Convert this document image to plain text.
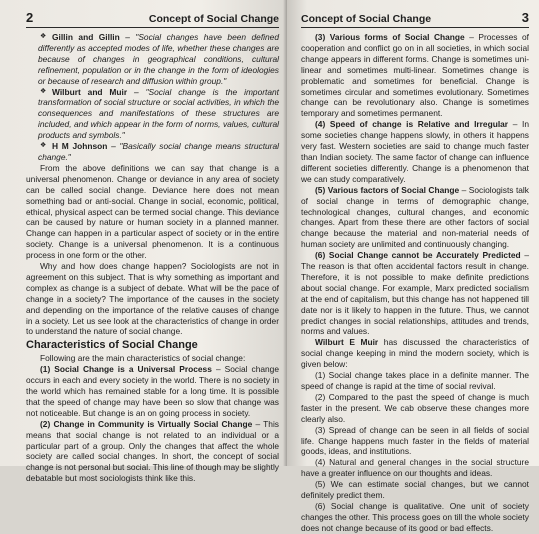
2	Concept of Social Change

❖ Gillin and Gillin – "Social changes have been defined differently as accepted modes of life, whether these changes are because of changes in geographical conditions, cultural refinement, population or in the change in the form of ideologies or because of research and diffusion within group."

❖ Wilburt and Muir – "Social change is the important transformation of social structure or social activities, in which the consequences and manifestations of these structures are included, and which appear in the form of norms, values, cultural products and symbols."

❖ H M Johnson – "Basically social change means structural change."

From the above definitions we can say that change is a universal phenomenon. Change or deviance in any area of society can be called social change. Deviance here does not mean something bad or anti-social. Change in social, economic, political, ethical, physical aspect can be termed social change. This deviance can be caused by nature or human society in a planned manner. Change can happen in a particular aspect of society or in the entire society. Change is a universal phenomenon. It is a continuous process in one form or the other.

Why and how does change happen? Sociologists are not in agreement on this subject. That is why something as important and complex as change is a subject of debate. What will be the pace of change in a society? The importance of the causes in the society and depending on the importance of the relative causes of change in a society. Let us see look at the characteristics of change in order to understand the nature of social change.

Characteristics of Social Change

Following are the main characteristics of social change:

(1) Social Change is a Universal Process – Social change occurs in each and every society in the world. There is no society in the world which has remained stable for a long time. It is possible that the speed of change may have been so slow that change was not noticeable. But change is an on going process in society.

(2) Change in Community is Virtually Social Change – This means that social change is not related to an individual or a particular part of a group. Only the changes that affect the whole society are called social changes. In short, the concept of social change is not personal but social. This line of though may be slightly debatable but most sociologists think like this.

Concept of Social Change	3

(3) Various forms of Social Change – Processes of cooperation and conflict go on in all societies, in which social change appears in different forms. Change is sometimes uni-linear and sometimes multi-linear. Sometimes change is problematic and sometimes for beneficial. Change is sometimes circular and sometimes evolutionary. Sometimes change can be revolutionary also. Change is sometimes temporary and sometimes permanent.

(4) Speed of change is Relative and Irregular – In some societies change happens slowly, in others it happens very fast. Western societies are said to change much faster than Indian society. The same factor of change can influence different societies differently. Change is a phenomenon that we can study comparatively.

(5) Various factors of Social Change – Sociologists talk of social change in terms of demographic change, technological changes, cultural changes, and economic changes. Apart from these there are other factors of social change because the material and non-material needs of human society are unlimited and continuously changing.

(6) Social Change cannot be Accurately Predicted – The reason is that often accidental factors result in change. Therefore, it is not possible to make definite predictions about social change. For example, Marx predicted socialism at the end of capitalism, but this change has not happened till date nor is it likely to happen in the future. Thus, we cannot predict changes in social relationships, attitudes and trends, norms and values.

Wilburt E Muir has discussed the characteristics of social change keeping in mind the modern society, which is given below:

(1) Social change takes place in a definite manner. The speed of change is rapid at the time of social revival.

(2) Compared to the past the speed of change is much faster in the present. We cab observe these changes more clearly also.

(3) Spread of change can be seen in all fields of social life. Change happens much faster in the fields of material goods, ideas, and institutions.

(4) Natural and general changes in the social structure have a greater influence on our thoughts and ideas.

(5) We can estimate social changes, but we cannot definitely predict them.

(6) Social change is qualitative. One unit of society changes the other. This process goes on till the whole society does not change because of its good or bad effects.
